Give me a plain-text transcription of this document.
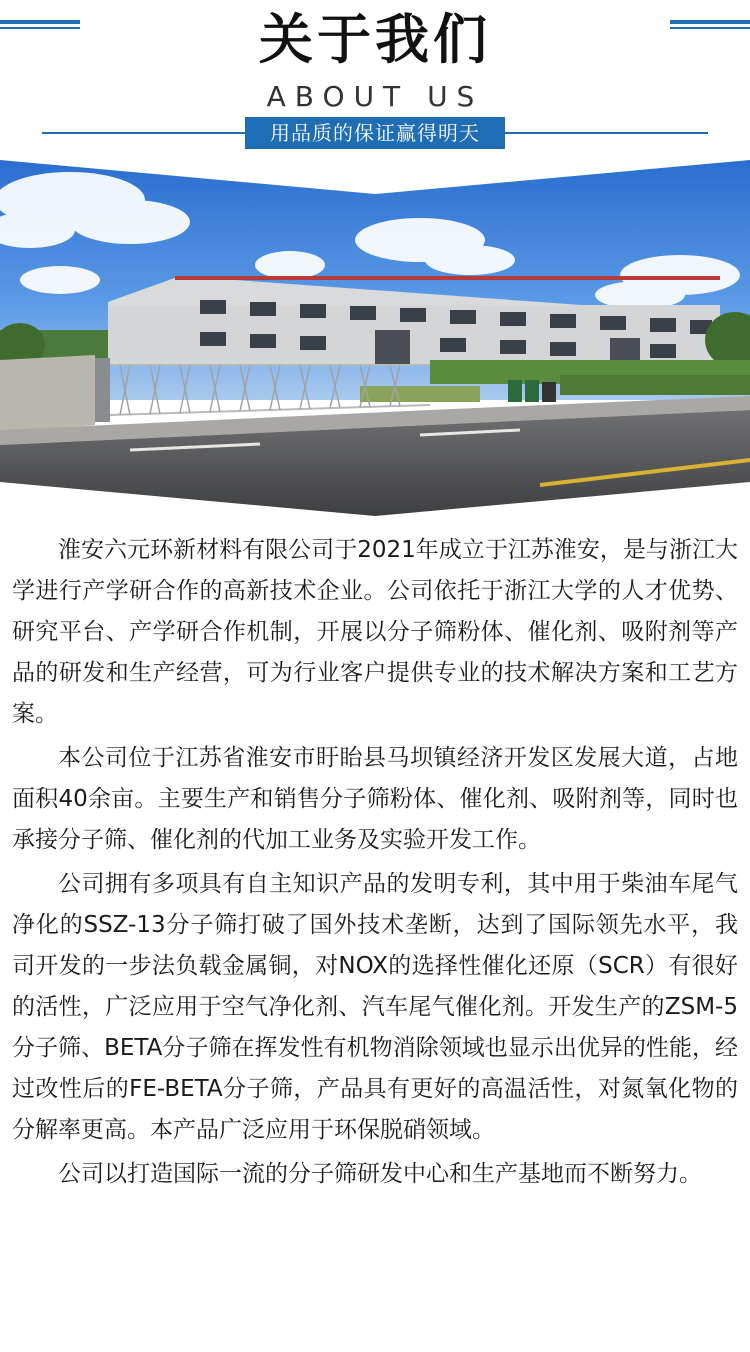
关于我们
ABOUT US
用品质的保证赢得明天

淮安六元环新材料有限公司于2021年成立于江苏淮安，是与浙江大学进行产学研合作的高新技术企业。公司依托于浙江大学的人才优势、研究平台、产学研合作机制，开展以分子筛粉体、催化剂、吸附剂等产品的研发和生产经营，可为行业客户提供专业的技术解决方案和工艺方案。

本公司位于江苏省淮安市盱眙县马坝镇经济开发区发展大道，占地面积40余亩。主要生产和销售分子筛粉体、催化剂、吸附剂等，同时也承接分子筛、催化剂的代加工业务及实验开发工作。

公司拥有多项具有自主知识产品的发明专利，其中用于柴油车尾气净化的SSZ-13分子筛打破了国外技术垄断，达到了国际领先水平，我司开发的一步法负载金属铜，对NOX的选择性催化还原（SCR）有很好的活性，广泛应用于空气净化剂、汽车尾气催化剂。开发生产的ZSM-5分子筛、BETA分子筛在挥发性有机物消除领域也显示出优异的性能，经过改性后的FE-BETA分子筛，产品具有更好的高温活性，对氮氧化物的分解率更高。本产品广泛应用于环保脱硝领域。

公司以打造国际一流的分子筛研发中心和生产基地而不断努力。
